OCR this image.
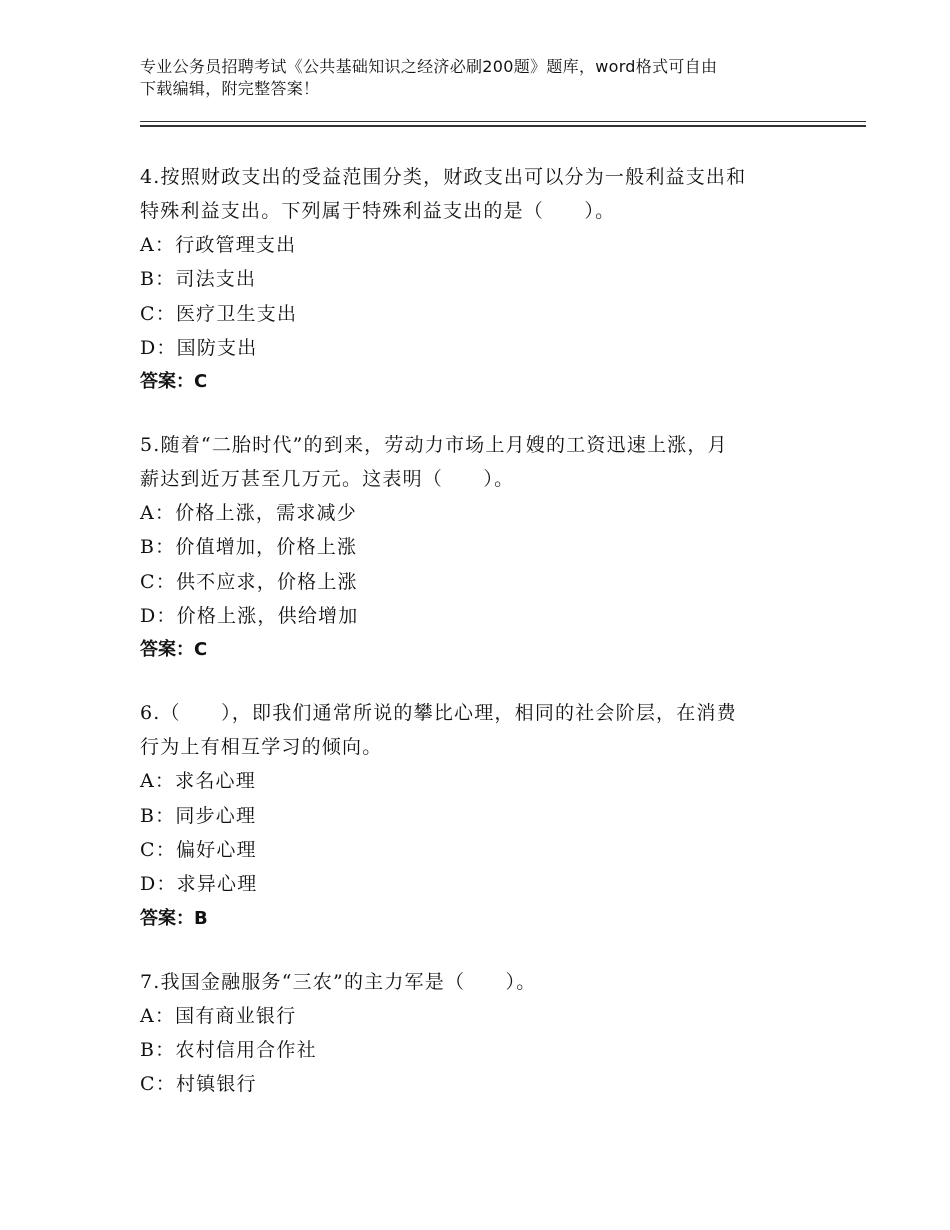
专业公务员招聘考试《公共基础知识之经济必刷200题》题库，word格式可自由
下载编辑，附完整答案！

4.按照财政支出的受益范围分类，财政支出可以分为一般利益支出和
特殊利益支出。下列属于特殊利益支出的是（　　）。

A：行政管理支出

B：司法支出

C：医疗卫生支出

D：国防支出

答案：C

5.随着“二胎时代”的到来，劳动力市场上月嫂的工资迅速上涨，月
薪达到近万甚至几万元。这表明（　　）。

A：价格上涨，需求减少

B：价值增加，价格上涨

C：供不应求，价格上涨

D：价格上涨，供给增加

答案：C

6.（　　），即我们通常所说的攀比心理，相同的社会阶层，在消费
行为上有相互学习的倾向。

A：求名心理

B：同步心理

C：偏好心理

D：求异心理

答案：B

7.我国金融服务“三农”的主力军是（　　）。

A：国有商业银行

B：农村信用合作社

C：村镇银行
